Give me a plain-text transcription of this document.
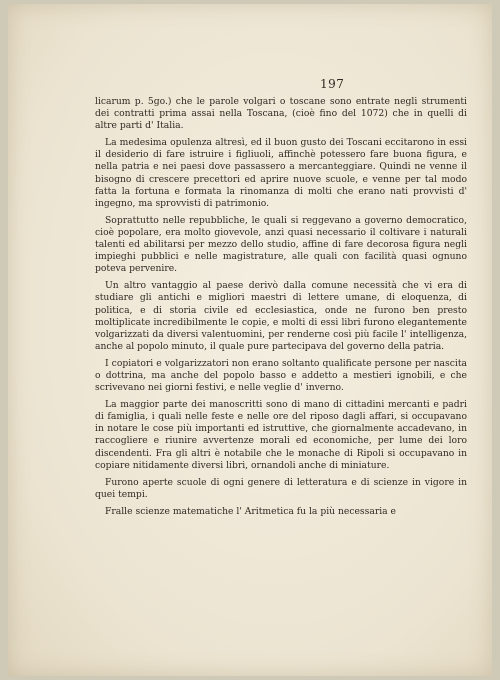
197

licarum p. 5go.) che le parole volgari o toscane sono entrate negli strumenti dei contratti prima assai nella Toscana, (cioè fino del 1072) che in quelli di altre parti d' Italia.

La medesima opulenza altresì, ed il buon gusto dei Toscani eccitarono in essi il desiderio di fare istruire i figliuoli, affinchè potessero fare buona figura, e nella patria e nei paesi dove passassero a mercanteggiare. Quindi ne venne il bisogno di crescere precettori ed aprire nuove scuole, e venne per tal modo fatta la fortuna e formata la rinomanza di molti che erano nati provvisti d' ingegno, ma sprovvisti di patrimonio.

Soprattutto nelle repubbliche, le quali si reggevano a governo democratico, cioè popolare, era molto giovevole, anzi quasi necessario il coltivare i naturali talenti ed abilitarsi per mezzo dello studio, affine di fare decorosa figura negli impieghi pubblici e nelle magistrature, alle quali con facilità quasi ognuno poteva pervenire.

Un altro vantaggio al paese derivò dalla comune necessità che vi era di studiare gli antichi e migliori maestri di lettere umane, di eloquenza, di politica, e di storia civile ed ecclesiastica, onde ne furono ben presto moltiplicate incredibilmente le copie, e molti di essi libri furono elegantemente volgarizzati da diversi valentuomini, per renderne così più facile l' intelligenza, anche al popolo minuto, il quale pure partecipava del governo della patria.

I copiatori e volgarizzatori non erano soltanto qualificate persone per nascita o dottrina, ma anche del popolo basso e addetto a mestieri ignobili, e che scrivevano nei giorni festivi, e nelle veglie d' inverno.

La maggior parte dei manoscritti sono di mano di cittadini mercanti e padri di famiglia, i quali nelle feste e nelle ore del riposo dagli affari, si occupavano in notare le cose più importanti ed istruttive, che giornalmente accadevano, in raccogliere e riunire avvertenze morali ed economiche, per lume dei loro discendenti. Fra gli altri è notabile che le monache di Ripoli si occupavano in copiare nitidamente diversi libri, ornandoli anche di miniature.

Furono aperte scuole di ogni genere di letteratura e di scienze in vigore in quei tempi.

Fralle scienze matematiche l' Aritmetica fu la più necessaria e
